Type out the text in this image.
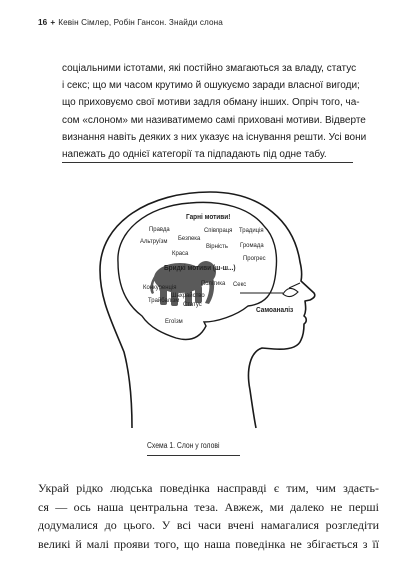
16 + Кевін Сімлер, Робін Гансон. Знайди слона
соціальними істотами, які постійно змагаються за владу, статус
і секс; що ми часом крутимо й ошукуємо заради власної вигоди;
що приховуємо свої мотиви задля обману інших. Опріч того, ча-
сом «слоном» ми називатимемо самі приховані мотиви. Відверте
визнання навіть деяких з них указує на існування решти. Усі вони
напежать до однієї категорії та підпадають під одне табу.
Гарні мотиви!
Правда	Співпраця Традиція
Альтруїзм Безпека
Вірність Громада
Краса
Прогрес
Бридкі мотиви (ш-ш...)
Конкуренція
Політика Секс
Трайбалізм
Шахрайство
Статус
Егоїзм
Самоаналіз
Схема 1. Слон у голові
Украй рідко людська поведінка насправді є тим, чим здаєть-
ся — ось наша центральна теза. Авжеж, ми далеко не перші
додумалися до цього. У всі часи вчені намагалися розгледіти
великі й малі прояви того, що наша поведінка не збігається з її
